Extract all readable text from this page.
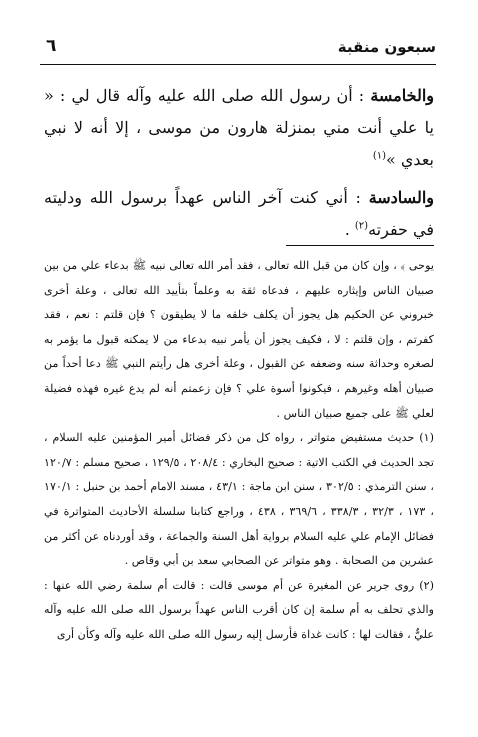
سبعون منقبة
٦

والخامسة : أن رسول الله صلى الله عليه وآله قال لي : « يا علي أنت مني بمنزلة هارون من موسى ، إلا أنه لا نبي بعدي »$^{(١)}$

والسادسة : أني كنت آخر الناس عهداً برسول الله ودليته في حفرته$^{(٢)}$ .

يوحى ﴾ ، وإن كان من قبل الله تعالى ، فقد أمر الله تعالى نبيه ﷺ بدعاء علي من بين صبيان الناس وإيثاره عليهم ، فدعاه ثقة به وعلماً بتأييد الله تعالى ، وعلة أخرى خبروني عن الحكيم هل يجوز أن يكلف خلقه ما لا يطيقون ؟ فإن قلتم : نعم ، فقد كفرتم ، وإن قلتم : لا ، فكيف يجوز أن يأمر نبيه بدعاء من لا يمكنه قبول ما يؤمر به لصغره وحداثة سنه وضعفه عن القبول ، وعلة أخرى هل رأيتم النبي ﷺ دعا أحداً من صبيان أهله وغيرهم ، فيكونوا أسوة علي ؟ فإن زعمتم أنه لم يدع غيره فهذه فضيلة لعلي ﷺ على جميع صبيان الناس .

(١) حديث مستفيض متواتر ، رواه كل من ذكر فضائل أمير المؤمنين عليه السلام ، تجد الحديث في الكتب الاتية : صحيح البخاري : ٢٠٨/٤ ، ١٢٩/٥ ، صحيح مسلم : ١٢٠/٧ ، سنن الترمذي : ٣٠٢/٥ ، سنن ابن ماجة : ٤٣/١ ، مسند الامام أحمد بن حنبل : ١٧٠/١ ، ١٧٣ ، ٣٢/٣ ، ٣٣٨/٣ ، ٣٦٩/٦ ، ٤٣٨ ، وراجع كتابنا سلسلة الأحاديث المتواترة في فضائل الإمام علي عليه السلام برواية أهل السنة والجماعة ، وقد أوردناه عن أكثر من عشرين من الصحابة . وهو متواتر عن الصحابي سعد بن أبي وقاص .

(٢) روى جرير عن المغيرة عن أم موسى قالت : قالت أم سلمة رضي الله عنها : والذي تحلف به أم سلمة إن كان أقرب الناس عهداً برسول الله صلى الله عليه وآله عليٌّ ، فقالت لها : كانت غداة فأرسل إليه رسول الله صلى الله عليه وآله وكأن أرى
